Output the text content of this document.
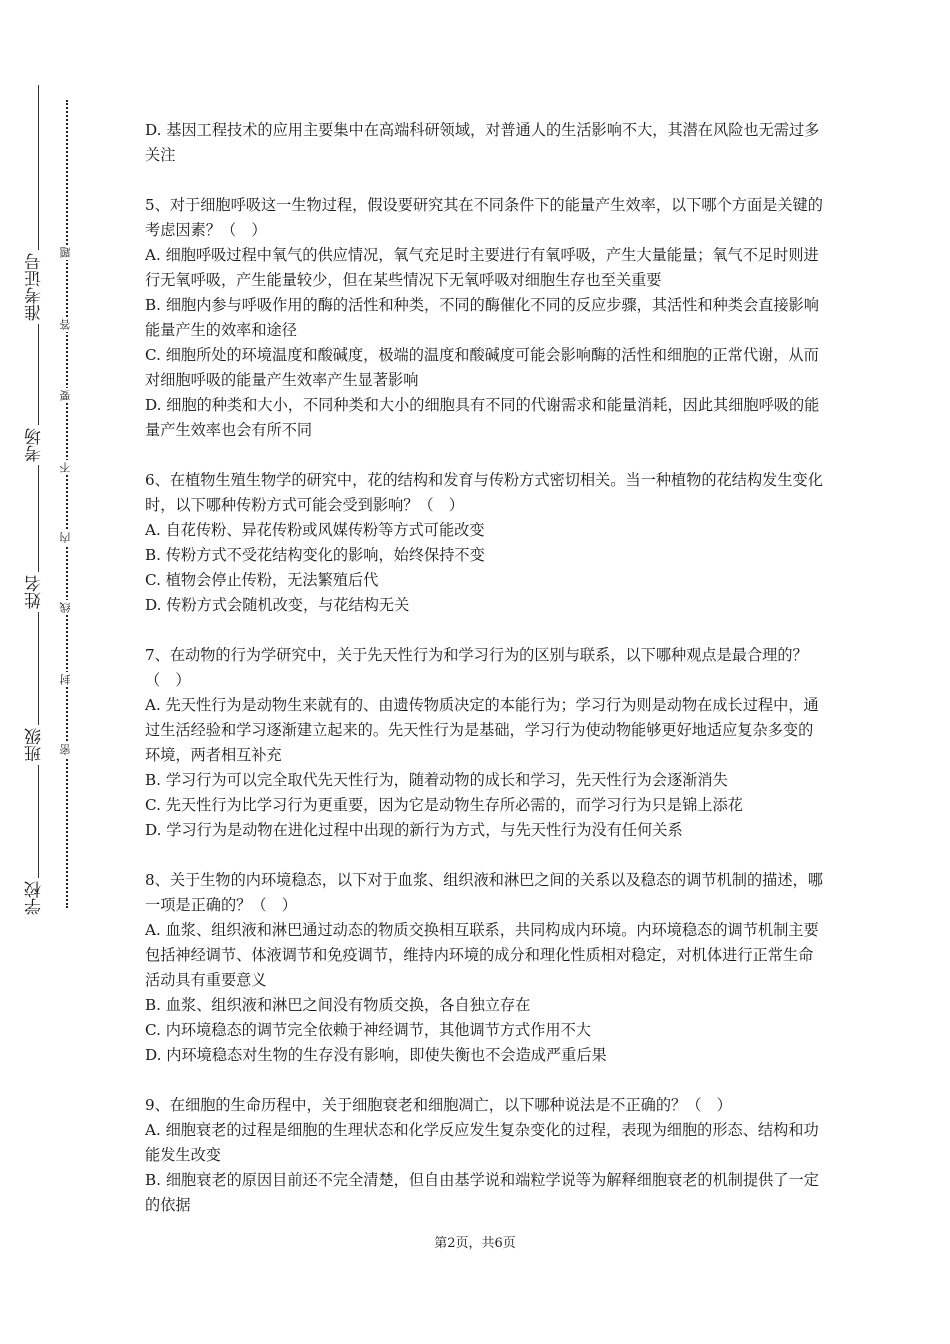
准考证号
考场
姓名
班级
学校
题
答
要
不
内
线
封
密

D. 基因工程技术的应用主要集中在高端科研领域，对普通人的生活影响不大，其潜在风险也无需过多关注

5、对于细胞呼吸这一生物过程，假设要研究其在不同条件下的能量产生效率，以下哪个方面是关键的考虑因素？（　）

A. 细胞呼吸过程中氧气的供应情况，氧气充足时主要进行有氧呼吸，产生大量能量；氧气不足时则进行无氧呼吸，产生能量较少，但在某些情况下无氧呼吸对细胞生存也至关重要

B. 细胞内参与呼吸作用的酶的活性和种类，不同的酶催化不同的反应步骤，其活性和种类会直接影响能量产生的效率和途径

C. 细胞所处的环境温度和酸碱度，极端的温度和酸碱度可能会影响酶的活性和细胞的正常代谢，从而对细胞呼吸的能量产生效率产生显著影响

D. 细胞的种类和大小，不同种类和大小的细胞具有不同的代谢需求和能量消耗，因此其细胞呼吸的能量产生效率也会有所不同

6、在植物生殖生物学的研究中，花的结构和发育与传粉方式密切相关。当一种植物的花结构发生变化时，以下哪种传粉方式可能会受到影响？（　）

A. 自花传粉、异花传粉或风媒传粉等方式可能改变

B. 传粉方式不受花结构变化的影响，始终保持不变

C. 植物会停止传粉，无法繁殖后代

D. 传粉方式会随机改变，与花结构无关

7、在动物的行为学研究中，关于先天性行为和学习行为的区别与联系，以下哪种观点是最合理的？（　）

A. 先天性行为是动物生来就有的、由遗传物质决定的本能行为；学习行为则是动物在成长过程中，通过生活经验和学习逐渐建立起来的。先天性行为是基础，学习行为使动物能够更好地适应复杂多变的环境，两者相互补充

B. 学习行为可以完全取代先天性行为，随着动物的成长和学习，先天性行为会逐渐消失

C. 先天性行为比学习行为更重要，因为它是动物生存所必需的，而学习行为只是锦上添花

D. 学习行为是动物在进化过程中出现的新行为方式，与先天性行为没有任何关系

8、关于生物的内环境稳态，以下对于血浆、组织液和淋巴之间的关系以及稳态的调节机制的描述，哪一项是正确的？（　）

A. 血浆、组织液和淋巴通过动态的物质交换相互联系，共同构成内环境。内环境稳态的调节机制主要包括神经调节、体液调节和免疫调节，维持内环境的成分和理化性质相对稳定，对机体进行正常生命活动具有重要意义

B. 血浆、组织液和淋巴之间没有物质交换，各自独立存在

C. 内环境稳态的调节完全依赖于神经调节，其他调节方式作用不大

D. 内环境稳态对生物的生存没有影响，即使失衡也不会造成严重后果

9、在细胞的生命历程中，关于细胞衰老和细胞凋亡，以下哪种说法是不正确的？（　）

A. 细胞衰老的过程是细胞的生理状态和化学反应发生复杂变化的过程，表现为细胞的形态、结构和功能发生改变

B. 细胞衰老的原因目前还不完全清楚，但自由基学说和端粒学说等为解释细胞衰老的机制提供了一定的依据

第2页，共6页
